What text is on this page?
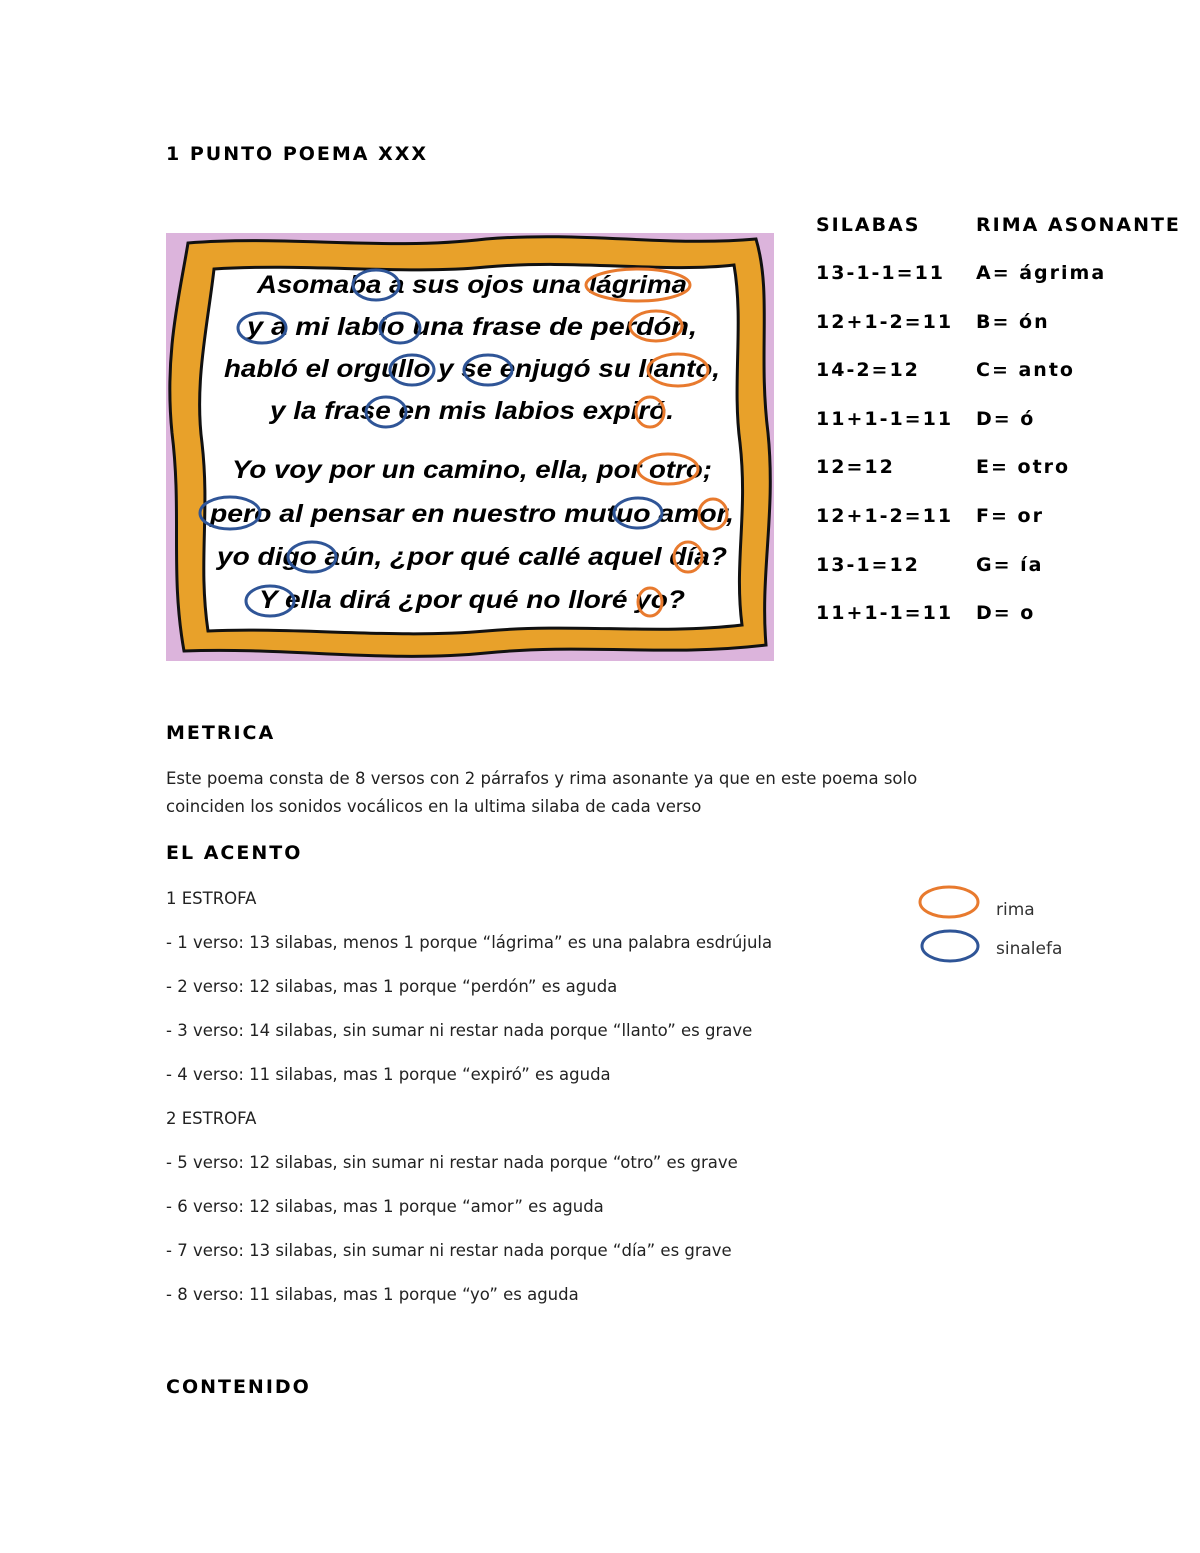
1 PUNTO POEMA XXX
Asomaba a sus ojos una lágrima
y a mi labio una frase de perdón,
habló el orgullo y se enjugó su llanto,
y la frase en mis labios expiró.
Yo voy por un camino, ella, por otro;
pero al pensar en nuestro mutuo amor,
yo digo aún, ¿por qué callé aquel día?
Y ella dirá ¿por qué no lloré yo?
SILABAS	RIMA ASONANTE
13-1-1=11
12+1-2=11
14-2=12
11+1-1=11
12=12
12+1-2=11
13-1=12
11+1-1=11
A= ágrima
B= ón
C= anto
D= ó
E= otro
F= or
G= ía
D= o
METRICA
Este poema consta de 8 versos con 2 párrafos y rima asonante ya que en este poema solo
coinciden los sonidos vocálicos en la ultima silaba de cada verso
EL ACENTO
1 ESTROFA
- 1 verso: 13 silabas, menos 1 porque “lágrima” es una palabra esdrújula
- 2 verso: 12 silabas, mas 1 porque “perdón” es aguda
- 3 verso: 14 silabas, sin sumar ni restar nada porque “llanto” es grave
- 4 verso: 11 silabas, mas 1 porque “expiró” es aguda
2 ESTROFA
- 5 verso: 12 silabas, sin sumar ni restar nada porque “otro” es grave
- 6 verso: 12 silabas, mas 1 porque “amor” es aguda
- 7 verso: 13 silabas, sin sumar ni restar nada porque “día” es grave
- 8 verso: 11 silabas, mas 1 porque “yo” es aguda
rima
sinalefa
CONTENIDO
